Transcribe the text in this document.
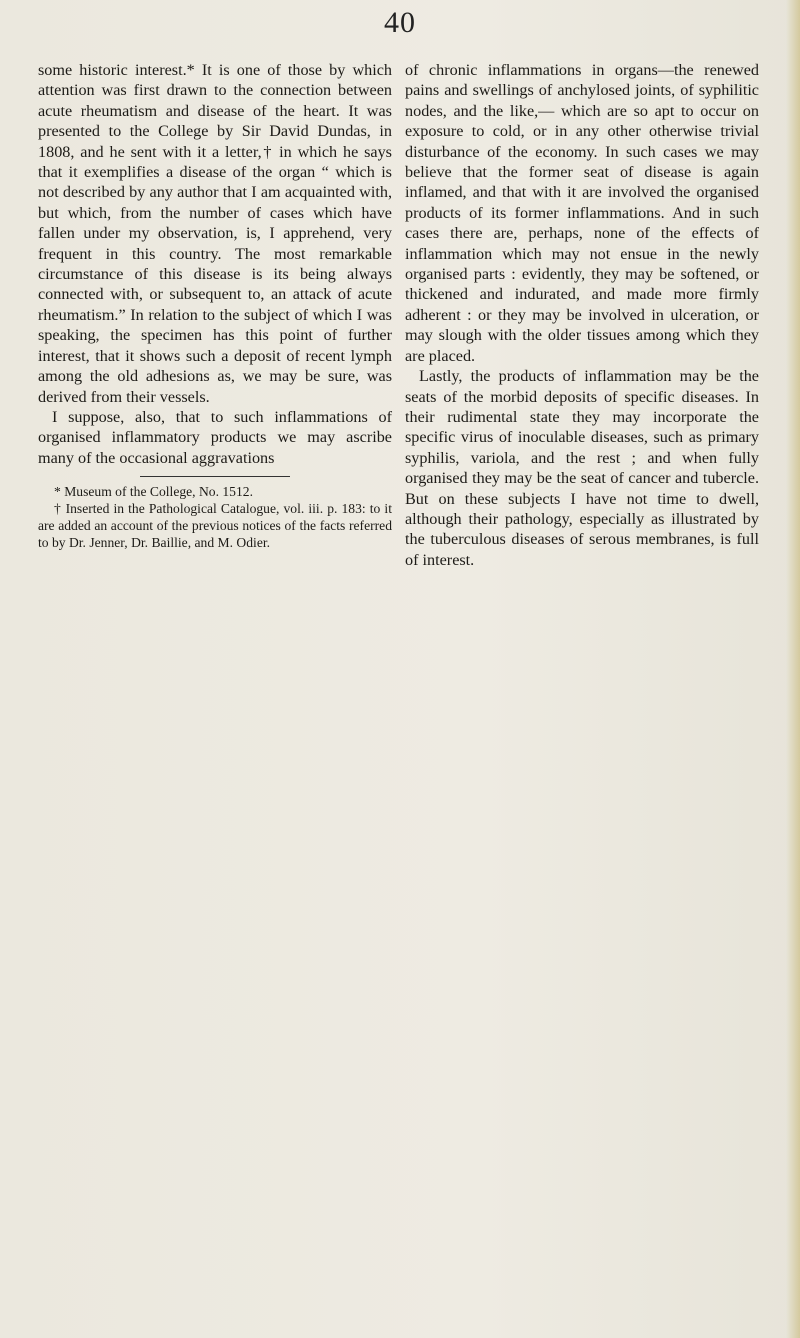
40

some historic interest.* It is one of those by which attention was first drawn to the connection between acute rheumatism and disease of the heart. It was presented to the College by Sir David Dundas, in 1808, and he sent with it a letter,† in which he says that it exemplifies a disease of the organ “ which is not described by any author that I am acquainted with, but which, from the number of cases which have fallen under my observation, is, I apprehend, very frequent in this country. The most remarkable circumstance of this disease is its being always connected with, or subsequent to, an attack of acute rheumatism.” In relation to the subject of which I was speaking, the specimen has this point of further interest, that it shows such a deposit of recent lymph among the old adhesions as, we may be sure, was derived from their vessels.

I suppose, also, that to such inflammations of organised inflammatory products we may ascribe many of the occasional aggravations

* Museum of the College, No. 1512.

† Inserted in the Pathological Catalogue, vol. iii. p. 183: to it are added an account of the previous notices of the facts referred to by Dr. Jenner, Dr. Baillie, and M. Odier.

of chronic inflammations in organs—the renewed pains and swellings of anchylosed joints, of syphilitic nodes, and the like,— which are so apt to occur on exposure to cold, or in any other otherwise trivial disturbance of the economy. In such cases we may believe that the former seat of disease is again inflamed, and that with it are involved the organised products of its former inflammations. And in such cases there are, perhaps, none of the effects of inflammation which may not ensue in the newly organised parts : evidently, they may be softened, or thickened and indurated, and made more firmly adherent : or they may be involved in ulceration, or may slough with the older tissues among which they are placed.

Lastly, the products of inflammation may be the seats of the morbid deposits of specific diseases. In their rudimental state they may incorporate the specific virus of inoculable diseases, such as primary syphilis, variola, and the rest ; and when fully organised they may be the seat of cancer and tubercle. But on these subjects I have not time to dwell, although their pathology, especially as illustrated by the tuberculous diseases of serous membranes, is full of interest.
